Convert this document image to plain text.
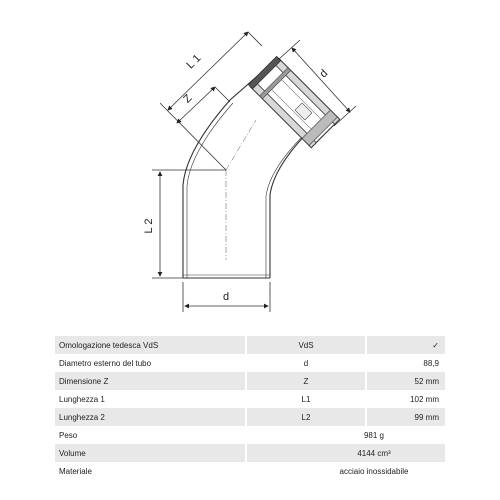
L 1
Z
d
L 2
d
Omologazione tedesca VdS	VdS	✓
Diametro esterno del tubo	d	88,9
Dimensione Z	Z	52 mm
Lunghezza 1	L1	102 mm
Lunghezza 2	L2	99 mm
Peso	981 g	
Volume	4144 cm³	
Materiale	acciaio inossidabile	
